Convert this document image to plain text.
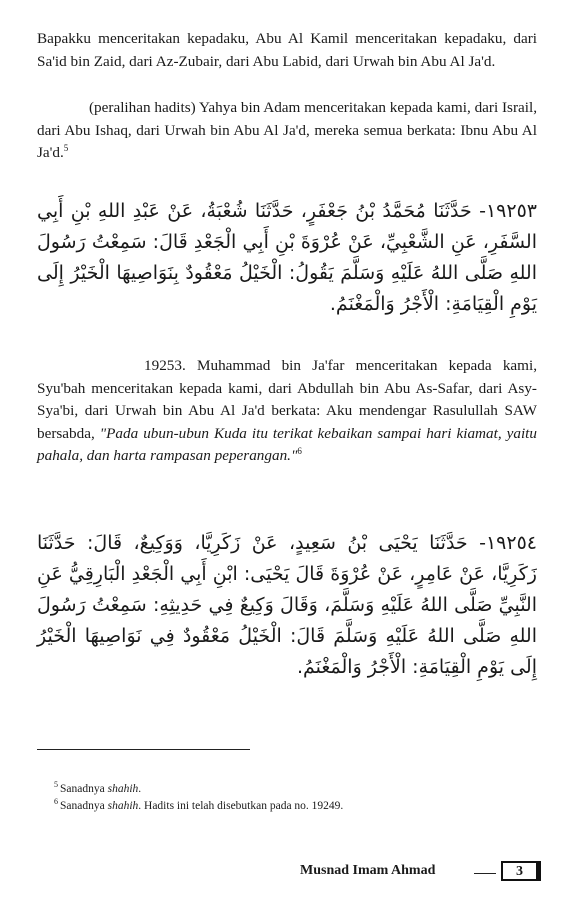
Bapakku menceritakan kepadaku, Abu Al Kamil menceritakan kepadaku, dari Sa'id bin Zaid, dari Az-Zubair, dari Abu Labid, dari Urwah bin Abu Al Ja'd.

(peralihan hadits) Yahya bin Adam menceritakan kepada kami, dari Israil, dari Abu Ishaq, dari Urwah bin Abu Al Ja'd, mereka semua berkata: Ibnu Abu Al Ja'd.$^5$

١٩٢٥٣- حَدَّثَنَا مُحَمَّدُ بْنُ جَعْفَرٍ، حَدَّثَنَا شُعْبَةُ، عَنْ عَبْدِ اللهِ بْنِ أَبِي السَّفَرِ، عَنِ الشَّعْبِيِّ، عَنْ عُرْوَةَ بْنِ أَبِي الْجَعْدِ قَالَ: سَمِعْتُ رَسُولَ اللهِ صَلَّى اللهُ عَلَيْهِ وَسَلَّمَ يَقُولُ: الْخَيْلُ مَعْقُودٌ بِنَوَاصِيهَا الْخَيْرُ إِلَى يَوْمِ الْقِيَامَةِ: الْأَجْرُ وَالْمَغْنَمُ.

19253. Muhammad bin Ja'far menceritakan kepada kami, Syu'bah menceritakan kepada kami, dari Abdullah bin Abu As-Safar, dari Asy-Sya'bi, dari Urwah bin Abu Al Ja'd berkata: Aku mendengar Rasulullah SAW bersabda, "Pada ubun-ubun Kuda itu terikat kebaikan sampai hari kiamat, yaitu pahala, dan harta rampasan peperangan."$^6$

١٩٢٥٤- حَدَّثَنَا يَحْيَى بْنُ سَعِيدٍ، عَنْ زَكَرِيَّا، وَوَكِيعٌ، قَالَ: حَدَّثَنَا زَكَرِيَّا، عَنْ عَامِرٍ، عَنْ عُرْوَةَ قَالَ يَحْيَى: ابْنِ أَبِي الْجَعْدِ الْبَارِقِيُّ عَنِ النَّبِيِّ صَلَّى اللهُ عَلَيْهِ وَسَلَّمَ، وَقَالَ وَكِيعٌ فِي حَدِيثِهِ: سَمِعْتُ رَسُولَ اللهِ صَلَّى اللهُ عَلَيْهِ وَسَلَّمَ قَالَ: الْخَيْلُ مَعْقُودٌ فِي نَوَاصِيهَا الْخَيْرُ إِلَى يَوْمِ الْقِيَامَةِ: الْأَجْرُ وَالْمَغْنَمُ.

$^5$ Sanadnya shahih.

$^6$ Sanadnya shahih. Hadits ini telah disebutkan pada no. 19249.

Musnad Imam Ahmad	3
